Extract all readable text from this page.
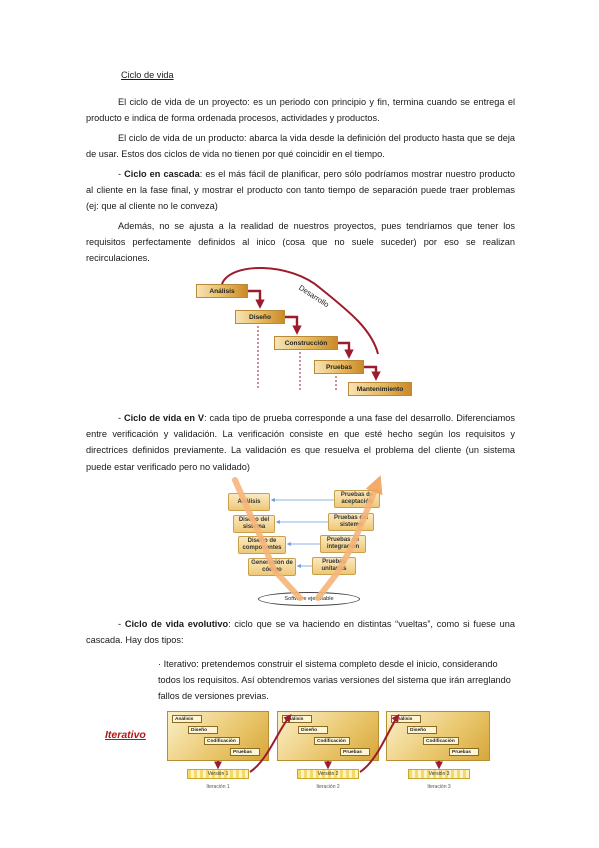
Ciclo de vida

El ciclo de vida de un proyecto: es un periodo con principio y fin, termina cuando se entrega el producto e indica de forma ordenada procesos, actividades y productos.

El ciclo de vida de un producto: abarca la vida desde la definición del producto hasta que se deja de usar. Estos dos ciclos de vida no tienen por qué coincidir en el tiempo.

- Ciclo en cascada: es el más fácil de planificar, pero sólo podríamos mostrar nuestro producto al cliente en la fase final, y mostrar el producto con tanto tiempo de separación puede traer problemas (ej: que al cliente no le conveza)

Además, no se ajusta a la realidad de nuestros proyectos, pues tendríamos que tener los requisitos perfectamente definidos al inico (cosa que no suele suceder) por eso se realizan recirculaciones.

Análisis
Diseño
Construcción
Pruebas
Mantenimiento
Desarrollo

- Ciclo de vida en V: cada tipo de prueba corresponde a una fase del desarrollo. Diferenciamos entre verificación y validación. La verificación consiste en que esté hecho según los requisitos y directrices definidos previamente. La validación es que resuelva el problema del cliente (un sistema puede estar verificado pero no validado)

Análisis
Diseño del sistema
Diseño de componentes
Generación de código
Pruebas de aceptación
Pruebas del sistema
Pruebas de integración
Pruebas unitarias
Software ejecutable

- Ciclo de vida evolutivo: ciclo que se va haciendo en distintas “vueltas”, como si fuese una cascada. Hay dos tipos:

· Iterativo: pretendemos construir el sistema completo desde el inicio, considerando todos los requisitos. Así obtendremos varias versiones del sistema que irán arreglando fallos de versiones previas.

Iterativo
Análisis
Diseño
Codificación
Pruebas
Análisis
Diseño
Codificación
Pruebas
Análisis
Diseño
Codificación
Pruebas
Versión 1	Versión 2	Versión 3
Iteración 1	Iteración 2	Iteración 3
